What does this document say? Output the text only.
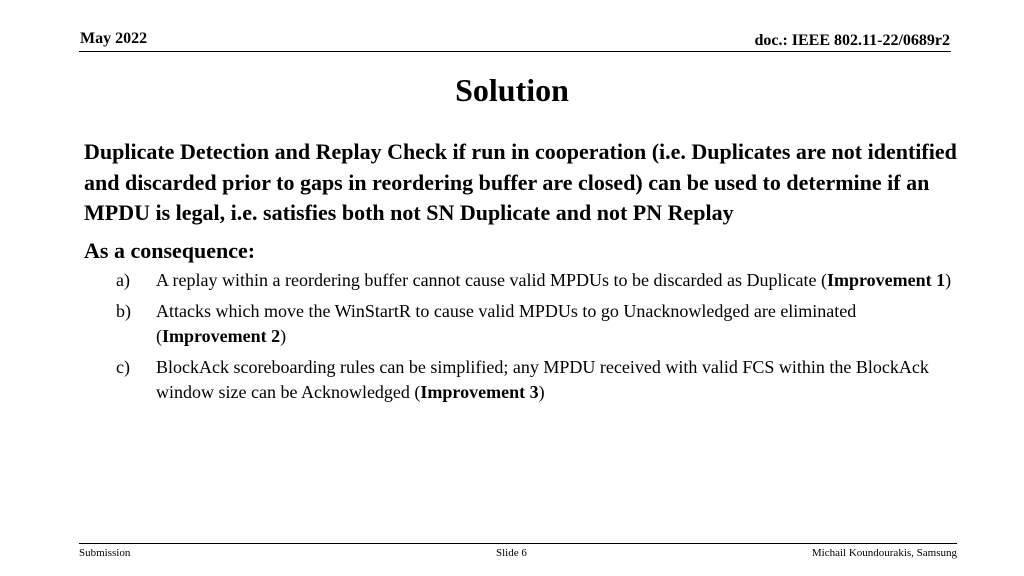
May 2022	doc.: IEEE 802.11-22/0689r2
Solution

Duplicate Detection and Replay Check if run in cooperation (i.e. Duplicates are not identified and discarded prior to gaps in reordering buffer are closed) can be used to determine if an MPDU is legal, i.e. satisfies both not SN Duplicate and not PN Replay

As a consequence:

a) A replay within a reordering buffer cannot cause valid MPDUs to be discarded as Duplicate (Improvement 1)
b) Attacks which move the WinStartR to cause valid MPDUs to go Unacknowledged are eliminated (Improvement 2)
c) BlockAck scoreboarding rules can be simplified; any MPDU received with valid FCS within the BlockAck window size can be Acknowledged (Improvement 3)
Submission	Slide 6	Michail Koundourakis, Samsung
